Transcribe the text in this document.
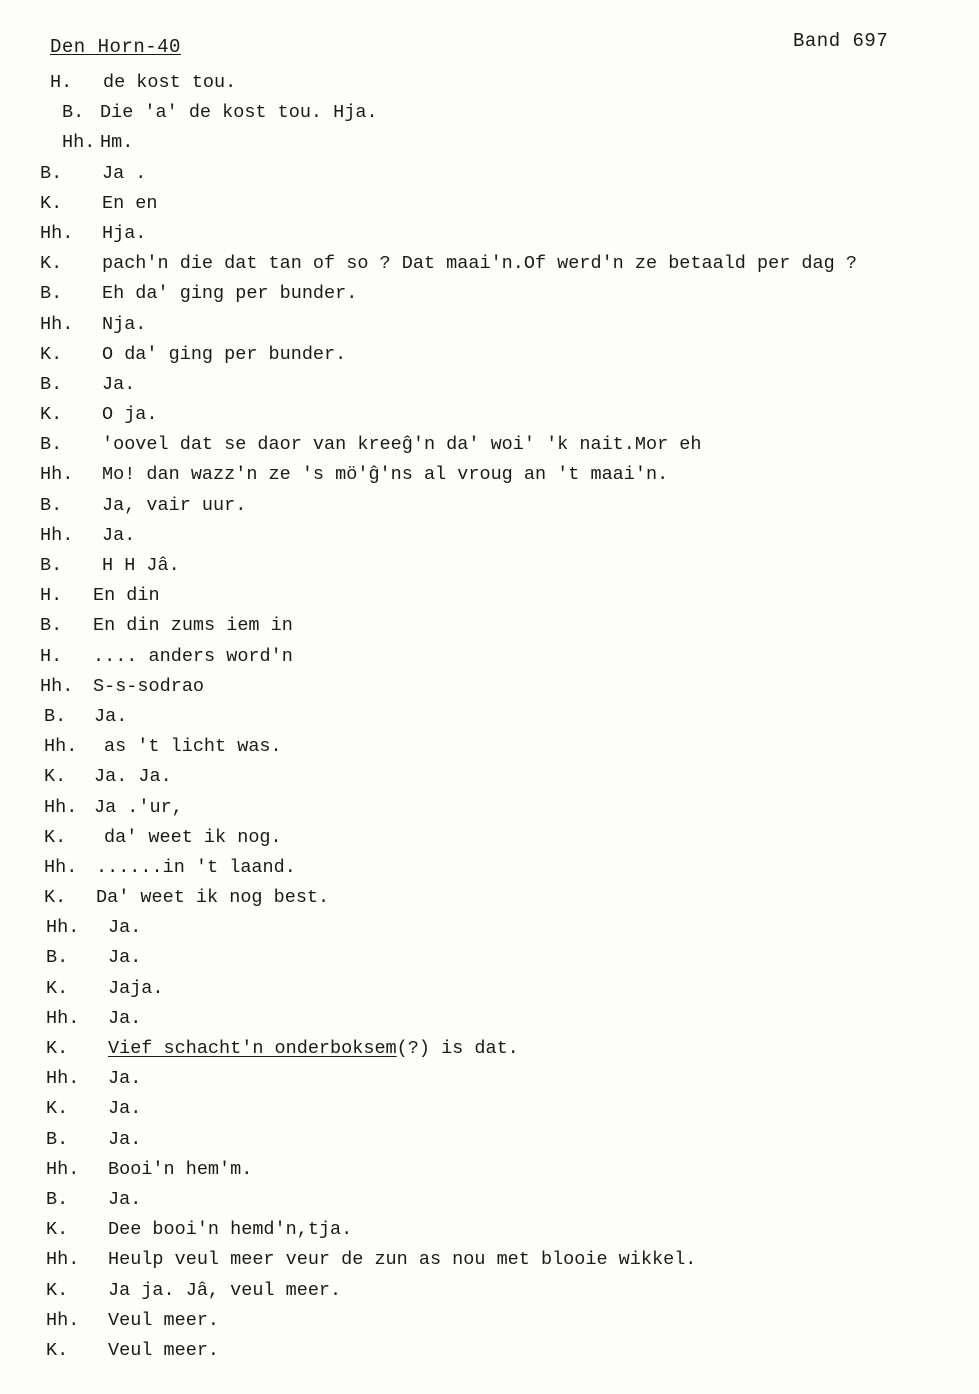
Den Horn-40	Band 697
H. de kost tou.
B. Die 'a' de kost tou. Hja.
Hh. Hm.
B. Ja .
K. En en
Hh. Hja.
K. pach'n die dat tan of so ? Dat maai'n.Of werd'n ze betaald per dag ?
B. Eh da' ging per bunder.
Hh. Nja.
K. O da' ging per bunder.
B. Ja.
K. O ja.
B. 'oovel dat se daor van kreeĝ'n da' woi' 'k nait.Mor eh
Hh. Mo! dan wazz'n ze 's mö'ĝ'ns al vroug an 't maai'n.
B. Ja, vair uur.
Hh. Ja.
B. H H Jâ.
H. En din
B. En din zums iem in
H. .... anders word'n
Hh. S-s-sodrao
B. Ja.
Hh. as 't licht was.
K. Ja. Ja.
Hh. Ja .'ur,
K. da' weet ik nog.
Hh. ......in 't laand.
K. Da' weet ik nog best.
Hh. Ja.
B. Ja.
K. Jaja.
Hh. Ja.
K. Vief schacht'n onderboksem(?) is dat.
Hh. Ja.
K. Ja.
B. Ja.
Hh. Booi'n hem'm.
B. Ja.
K. Dee booi'n hemd'n,tja.
Hh. Heulp veul meer veur de zun as nou met blooie wikkel.
K. Ja ja. Jâ, veul meer.
Hh. Veul meer.
K. Veul meer.
